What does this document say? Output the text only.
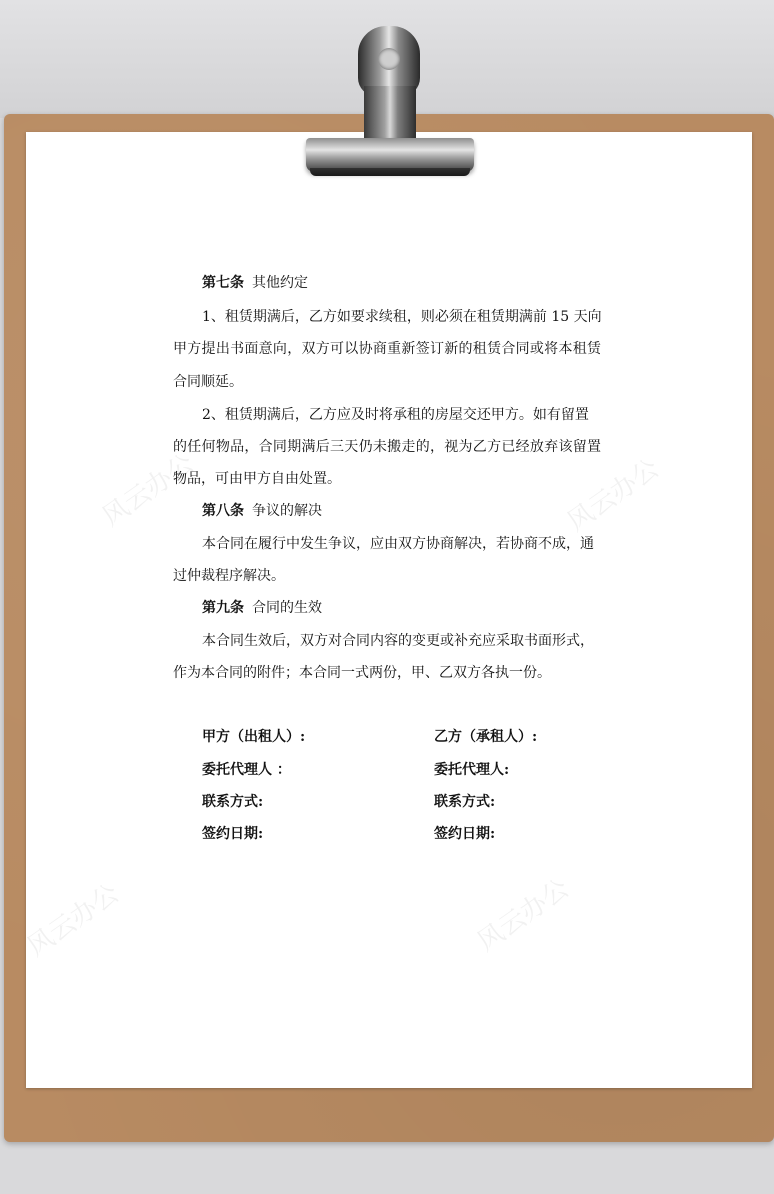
第七条 其他约定
1、租赁期满后，乙方如要求续租，则必须在租赁期满前 15 天向
甲方提出书面意向，双方可以协商重新签订新的租赁合同或将本租赁
合同顺延。
2、租赁期满后，乙方应及时将承租的房屋交还甲方。如有留置
的任何物品，合同期满后三天仍未搬走的，视为乙方已经放弃该留置
物品，可由甲方自由处置。
第八条 争议的解决
本合同在履行中发生争议，应由双方协商解决，若协商不成，通
过仲裁程序解决。
第九条 合同的生效
本合同生效后，双方对合同内容的变更或补充应采取书面形式，
作为本合同的附件；本合同一式两份，甲、乙双方各执一份。
甲方（出租人）:
委托代理人 ：
联系方式:
签约日期:
乙方（承租人）:
委托代理人:
联系方式:
签约日期:
